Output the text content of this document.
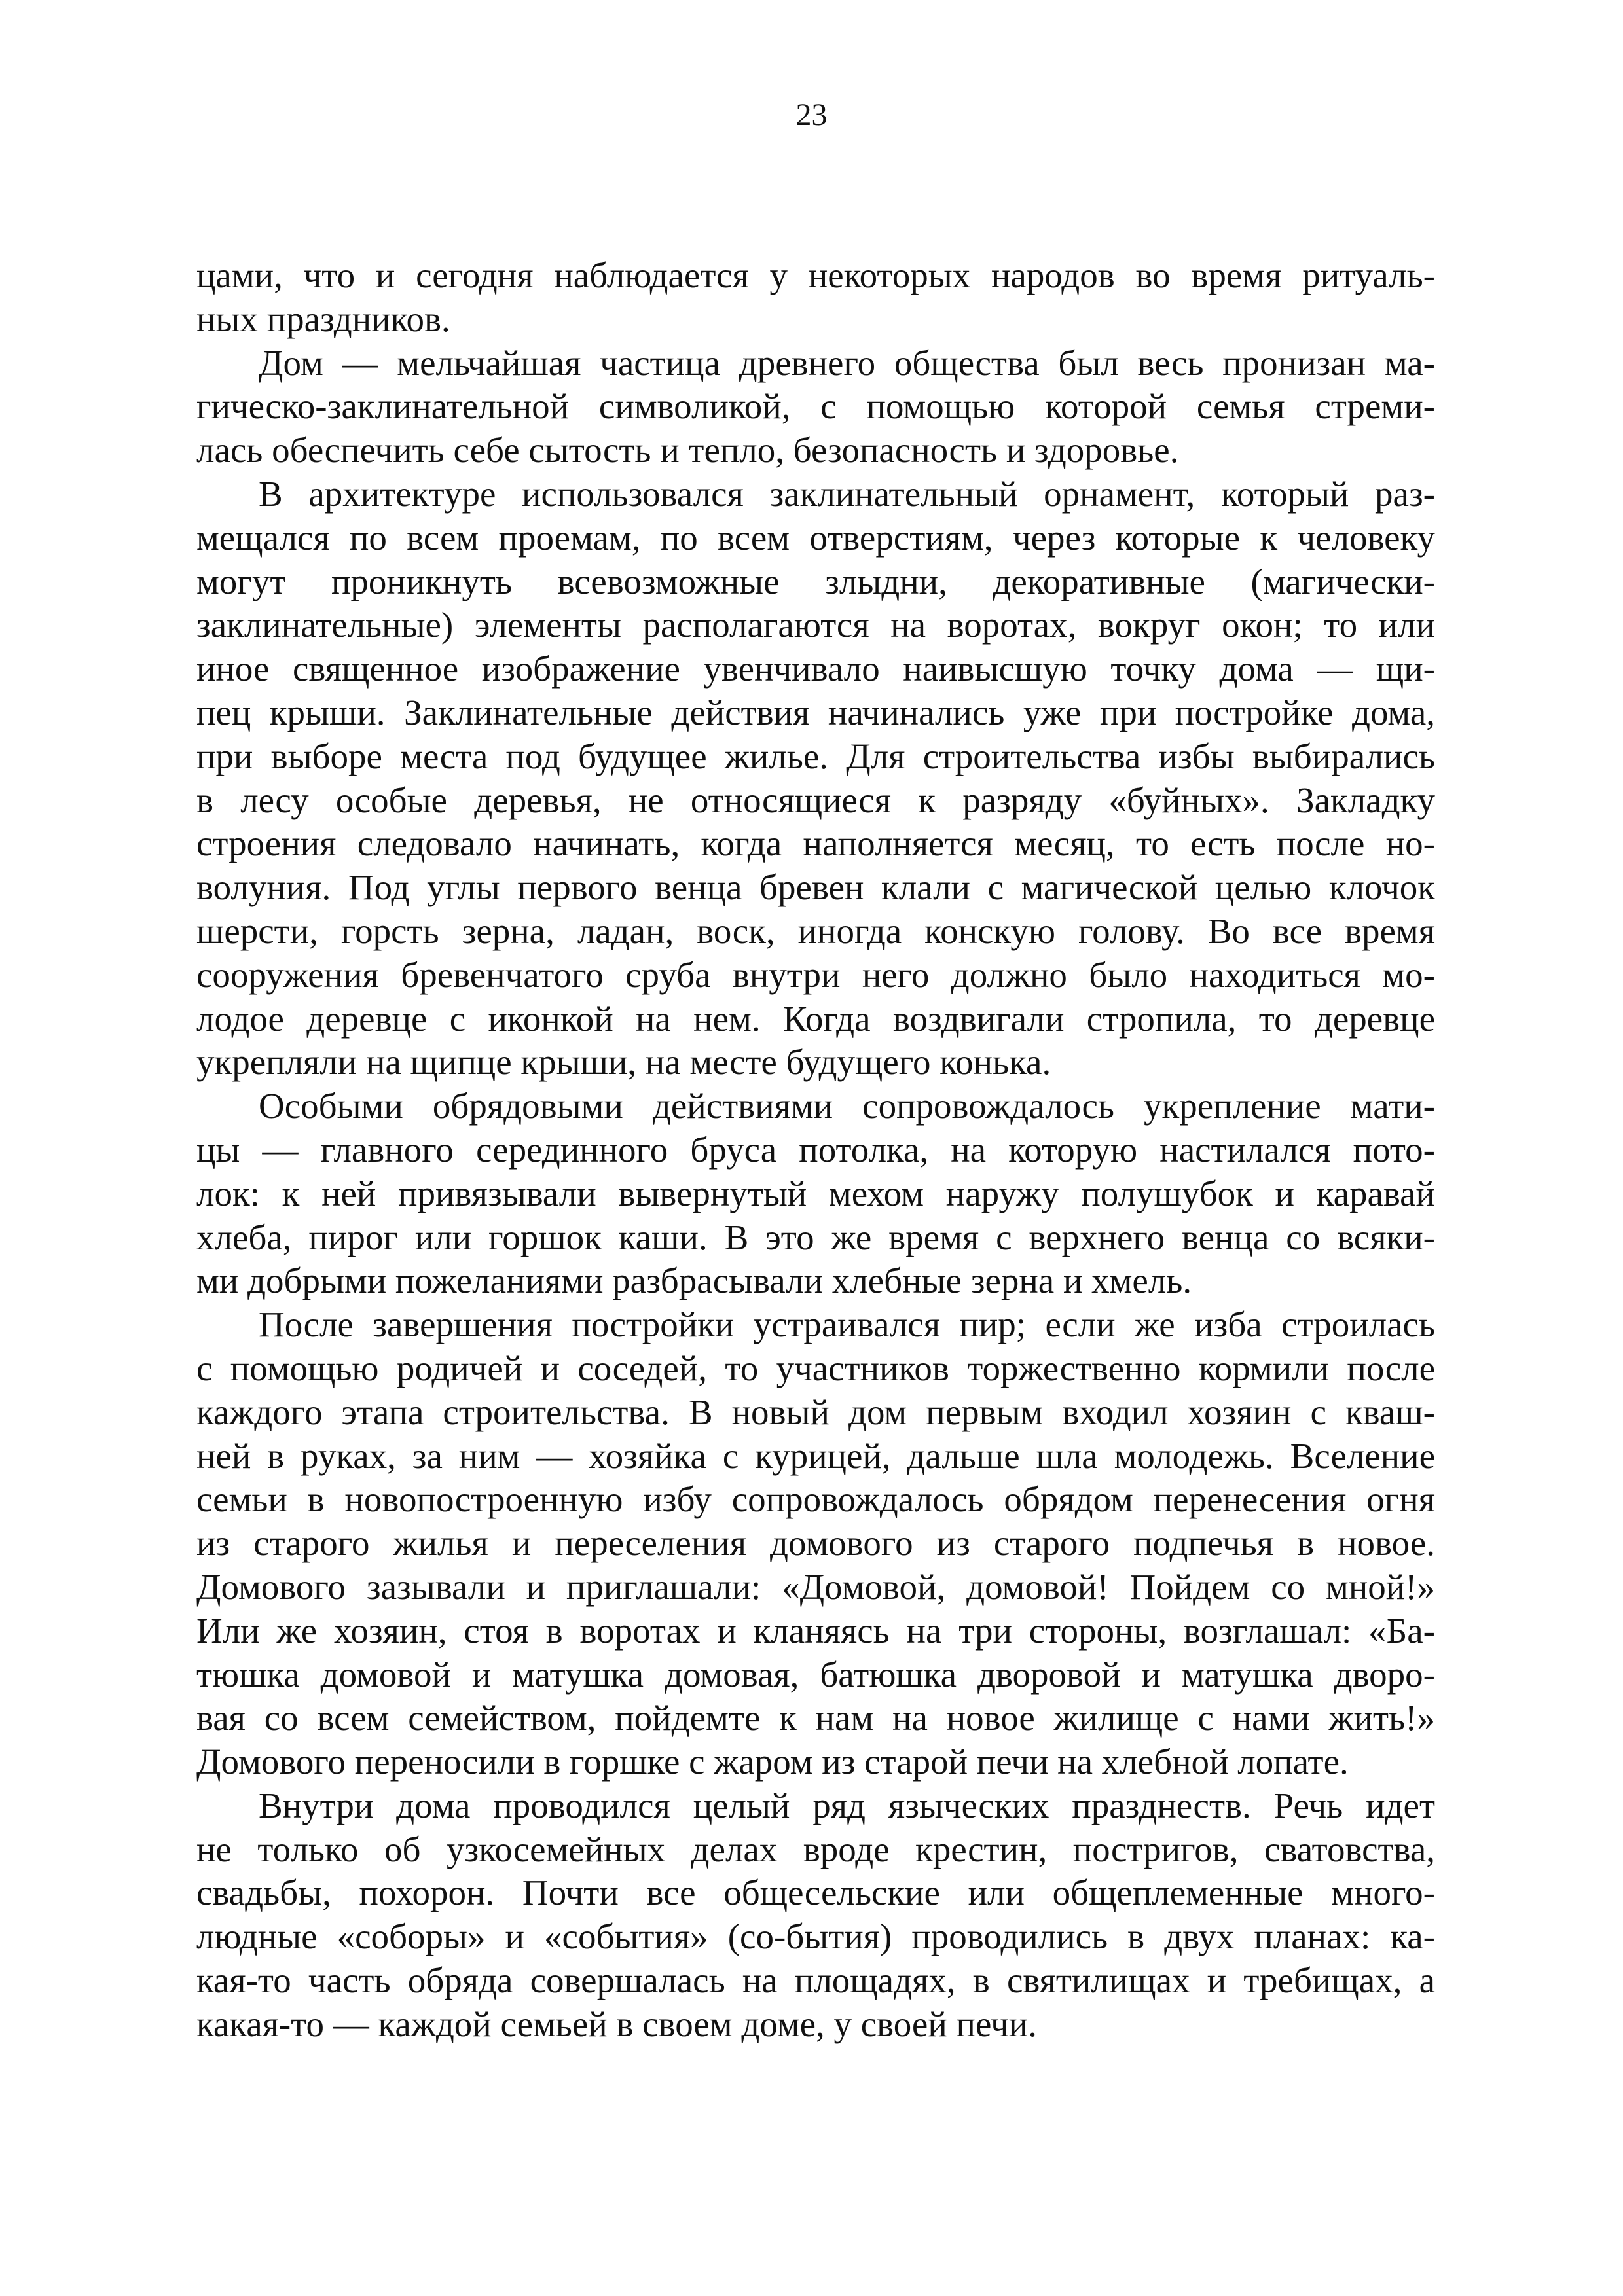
23
цами, что и сегодня наблюдается у некоторых народов во время ритуаль-
ных праздников.
Дом — мельчайшая частица древнего общества был весь пронизан ма-
гическо-заклинательной символикой, с помощью которой семья стреми-
лась обеспечить себе сытость и тепло, безопасность и здоровье.
В архитектуре использовался заклинательный орнамент, который раз-
мещался по всем проемам, по всем отверстиям, через которые к человеку
могут проникнуть всевозможные злыдни, декоративные (магически-
заклинательные) элементы располагаются на воротах, вокруг окон; то или
иное священное изображение увенчивало наивысшую точку дома — щи-
пец крыши. Заклинательные действия начинались уже при постройке дома,
при выборе места под будущее жилье. Для строительства избы выбирались
в лесу особые деревья, не относящиеся к разряду «буйных». Закладку
строения следовало начинать, когда наполняется месяц, то есть после но-
волуния. Под углы первого венца бревен клали с магической целью клочок
шерсти, горсть зерна, ладан, воск, иногда конскую голову. Во все время
сооружения бревенчатого сруба внутри него должно было находиться мо-
лодое деревце с иконкой на нем. Когда воздвигали стропила, то деревце
укрепляли на щипце крыши, на месте будущего конька.
Особыми обрядовыми действиями сопровождалось укрепление мати-
цы — главного серединного бруса потолка, на которую настилался пото-
лок: к ней привязывали вывернутый мехом наружу полушубок и каравай
хлеба, пирог или горшок каши. В это же время с верхнего венца со всяки-
ми добрыми пожеланиями разбрасывали хлебные зерна и хмель.
После завершения постройки устраивался пир; если же изба строилась
с помощью родичей и соседей, то участников торжественно кормили после
каждого этапа строительства. В новый дом первым входил хозяин с кваш-
ней в руках, за ним — хозяйка с курицей, дальше шла молодежь. Вселение
семьи в новопостроенную избу сопровождалось обрядом перенесения огня
из старого жилья и переселения домового из старого подпечья в новое.
Домового зазывали и приглашали: «Домовой, домовой! Пойдем со мной!»
Или же хозяин, стоя в воротах и кланяясь на три стороны, возглашал: «Ба-
тюшка домовой и матушка домовая, батюшка дворовой и матушка дворо-
вая со всем семейством, пойдемте к нам на новое жилище с нами жить!»
Домового переносили в горшке с жаром из старой печи на хлебной лопате.
Внутри дома проводился целый ряд языческих празднеств. Речь идет
не только об узкосемейных делах вроде крестин, постригов, сватовства,
свадьбы, похорон. Почти все общесельские или общеплеменные много-
людные «соборы» и «события» (со-бытия) проводились в двух планах: ка-
кая-то часть обряда совершалась на площадях, в святилищах и требищах, а
какая-то — каждой семьей в своем доме, у своей печи.
